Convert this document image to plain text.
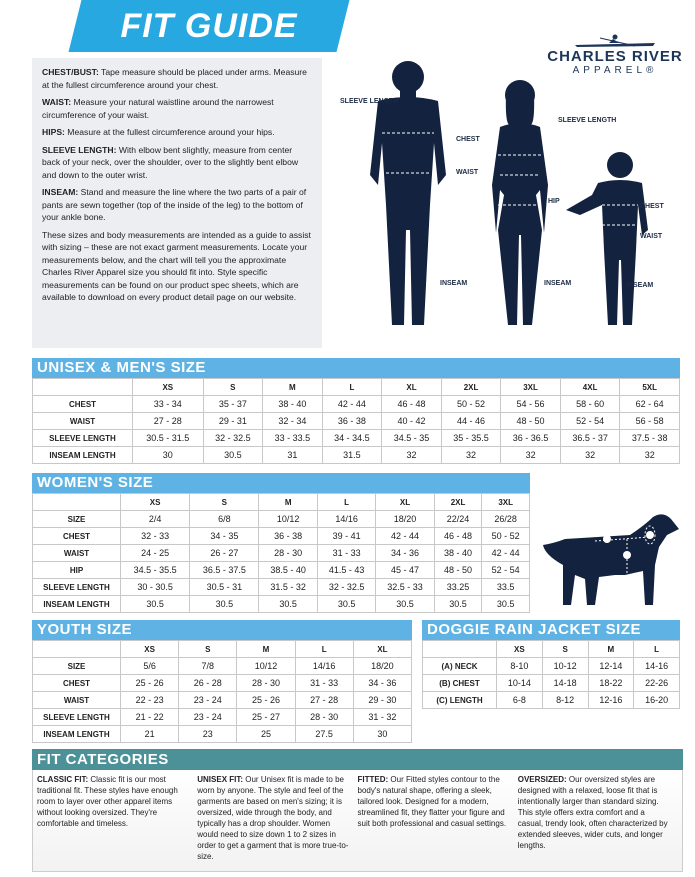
FIT GUIDE
CHARLES RIVER
APPAREL®

CHEST/BUST: Tape measure should be placed under arms. Measure at the fullest circumference around your chest.

WAIST: Measure your natural waistline around the narrowest circumference of your waist.

HIPS: Measure at the fullest circumference around your hips.

SLEEVE LENGTH: With elbow bent slightly, measure from center back of your neck, over the shoulder, over to the slightly bent elbow and down to the outer wrist.

INSEAM: Stand and measure the line where the two parts of a pair of pants are sewn together (top of the inside of the leg) to the bottom of your ankle bone.

These sizes and body measurements are intended as a guide to assist with sizing – these are not exact garment measurements. Locate your measurements below, and the chart will tell you the approximate Charles River Apparel size you should fit into. Style specific measurements can be found on our product spec sheets, which are available to download on every product detail page on our website.

SLEEVE LENGTH
CHEST
WAIST
INSEAM
SLEEVE LENGTH
HIP
INSEAM
CHEST
WAIST
INSEAM
UNISEX & MEN'S SIZE
	XS	S	M	L	XL	2XL	3XL	4XL	5XL
CHEST	33 - 34	35 - 37	38 - 40	42 - 44	46 - 48	50 - 52	54 - 56	58 - 60	62 - 64
WAIST	27 - 28	29 - 31	32 - 34	36 - 38	40 - 42	44 - 46	48 - 50	52 - 54	56 - 58
SLEEVE LENGTH	30.5 - 31.5	32 - 32.5	33 - 33.5	34 - 34.5	34.5 - 35	35 - 35.5	36 - 36.5	36.5 - 37	37.5 - 38
INSEAM LENGTH	30	30.5	31	31.5	32	32	32	32	32
WOMEN'S SIZE
	XS	S	M	L	XL	2XL	3XL
SIZE	2/4	6/8	10/12	14/16	18/20	22/24	26/28
CHEST	32 - 33	34 - 35	36 - 38	39 - 41	42 - 44	46 - 48	50 - 52
WAIST	24 - 25	26 - 27	28 - 30	31 - 33	34 - 36	38 - 40	42 - 44
HIP	34.5 - 35.5	36.5 - 37.5	38.5 - 40	41.5 - 43	45 - 47	48 - 50	52 - 54
SLEEVE LENGTH	30 - 30.5	30.5 - 31	31.5 - 32	32 - 32.5	32.5 - 33	33.25	33.5
INSEAM LENGTH	30.5	30.5	30.5	30.5	30.5	30.5	30.5
YOUTH SIZE
	XS	S	M	L	XL
SIZE	5/6	7/8	10/12	14/16	18/20
CHEST	25 - 26	26 - 28	28 - 30	31 - 33	34 - 36
WAIST	22 - 23	23 - 24	25 - 26	27 - 28	29 - 30
SLEEVE LENGTH	21 - 22	23 - 24	25 - 27	28 - 30	31 - 32
INSEAM LENGTH	21	23	25	27.5	30
DOGGIE RAIN JACKET SIZE
	XS	S	M	L
(A) NECK	8-10	10-12	12-14	14-16
(B) CHEST	10-14	14-18	18-22	22-26
(C) LENGTH	6-8	8-12	12-16	16-20
FIT CATEGORIES
CLASSIC FIT: Classic fit is our most traditional fit. These styles have enough room to layer over other apparel items without looking oversized. They're comfortable and timeless.
UNISEX FIT: Our Unisex fit is made to be worn by anyone. The style and feel of the garments are based on men's sizing; it is oversized, wide through the body, and typically has a drop shoulder. Women would need to size down 1 to 2 sizes in order to get a garment that is more true-to-size.
FITTED: Our Fitted styles contour to the body's natural shape, offering a sleek, tailored look. Designed for a modern, streamlined fit, they flatter your figure and suit both professional and casual settings.
OVERSIZED: Our oversized styles are designed with a relaxed, loose fit that is intentionally larger than standard sizing. This style offers extra comfort and a casual, trendy look, often characterized by extended sleeves, wider cuts, and longer lengths.
